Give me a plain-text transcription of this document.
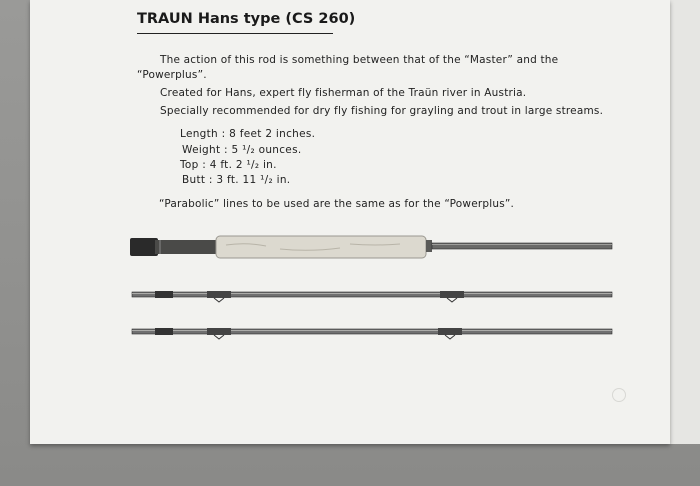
TRAUN Hans type (CS 260)
The action of this rod is something between that of the “Master” and the
“Powerplus”.
Created for Hans, expert fly fisherman of the Traün river in Austria.
Specially recommended for dry fly fishing for grayling and trout in large streams.
Length : 8 feet 2 inches.
Weight : 5 ¹/₂ ounces.
Top : 4 ft. 2 ¹/₂ in.
Butt : 3 ft. 11 ¹/₂ in.
“Parabolic” lines to be used are the same as for the “Powerplus”.
